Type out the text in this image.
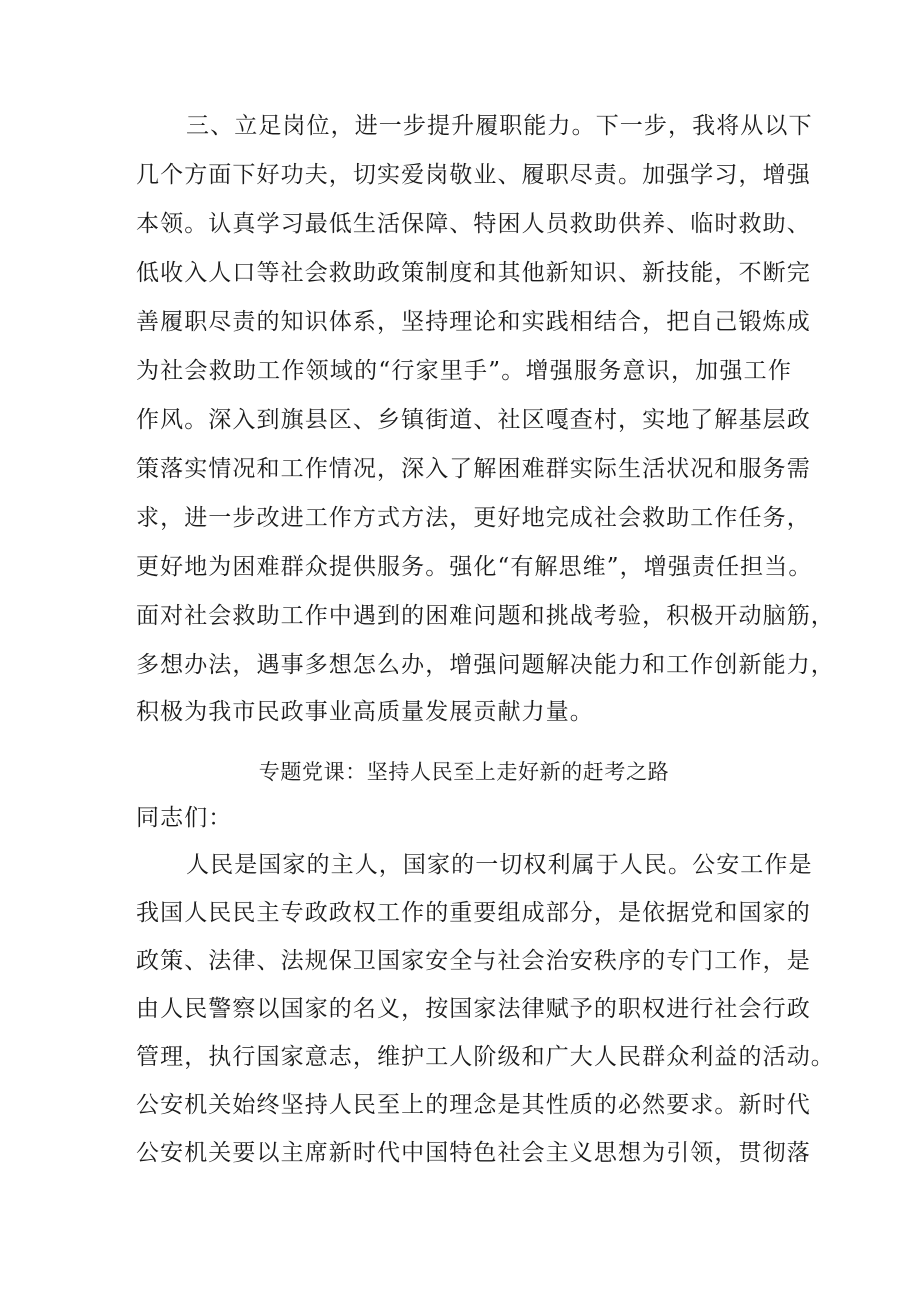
三、立足岗位，进一步提升履职能力。下一步，我将从以下
几个方面下好功夫，切实爱岗敬业、履职尽责。加强学习，增强
本领。认真学习最低生活保障、特困人员救助供养、临时救助、
低收入人口等社会救助政策制度和其他新知识、新技能，不断完
善履职尽责的知识体系，坚持理论和实践相结合，把自己锻炼成
为社会救助工作领域的“行家里手”。增强服务意识，加强工作
作风。深入到旗县区、乡镇街道、社区嘎查村，实地了解基层政
策落实情况和工作情况，深入了解困难群实际生活状况和服务需
求，进一步改进工作方式方法，更好地完成社会救助工作任务，
更好地为困难群众提供服务。强化“有解思维”，增强责任担当。
面对社会救助工作中遇到的困难问题和挑战考验，积极开动脑筋，
多想办法，遇事多想怎么办，增强问题解决能力和工作创新能力，
积极为我市民政事业高质量发展贡献力量。
专题党课：坚持人民至上走好新的赶考之路
同志们：
人民是国家的主人，国家的一切权利属于人民。公安工作是
我国人民民主专政政权工作的重要组成部分，是依据党和国家的
政策、法律、法规保卫国家安全与社会治安秩序的专门工作，是
由人民警察以国家的名义，按国家法律赋予的职权进行社会行政
管理，执行国家意志，维护工人阶级和广大人民群众利益的活动。
公安机关始终坚持人民至上的理念是其性质的必然要求。新时代
公安机关要以主席新时代中国特色社会主义思想为引领，贯彻落
